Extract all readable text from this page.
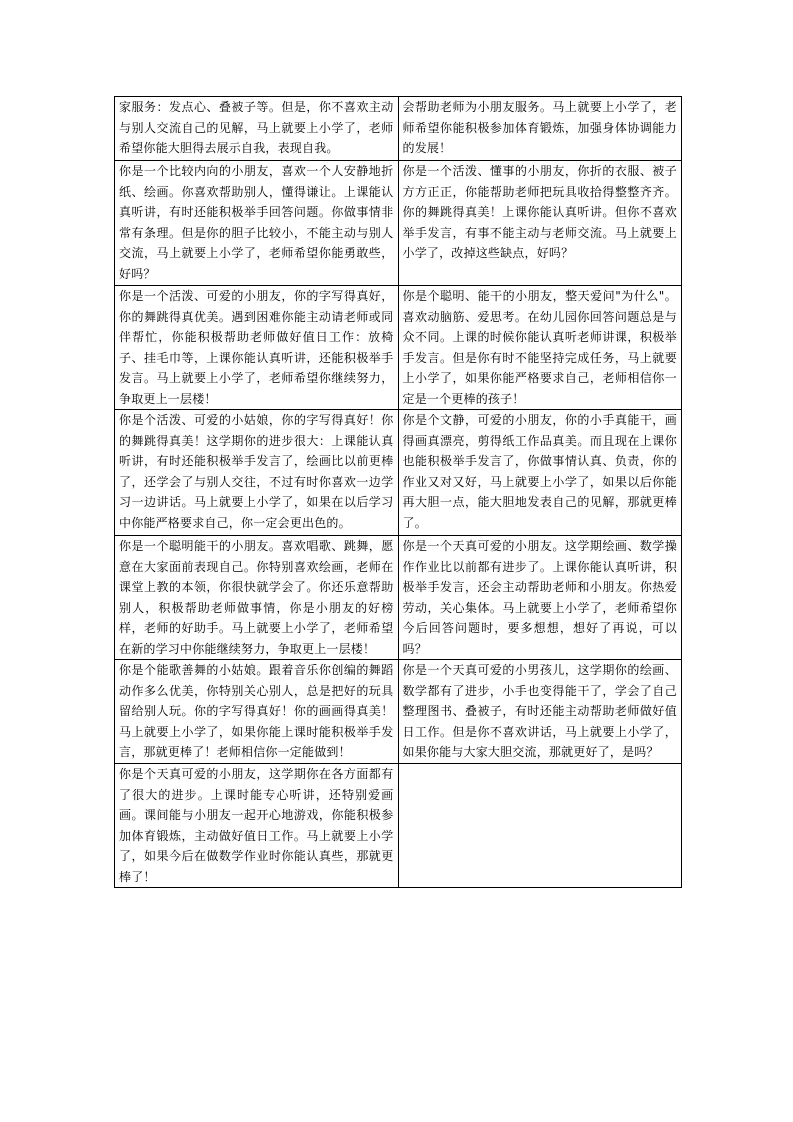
家服务：发点心、叠被子等。但是，你不喜欢主动与别人交流自己的见解，马上就要上小学了，老师希望你能大胆得去展示自我，表现自我。	会帮助老师为小朋友服务。马上就要上小学了，老师希望你能积极参加体育锻炼，加强身体协调能力的发展！
你是一个比较内向的小朋友，喜欢一个人安静地折纸、绘画。你喜欢帮助别人，懂得谦让。上课能认真听讲，有时还能积极举手回答问题。你做事情非常有条理。但是你的胆子比较小，不能主动与别人交流，马上就要上小学了，老师希望你能勇敢些，好吗？	你是一个活泼、懂事的小朋友，你折的衣服、被子方方正正，你能帮助老师把玩具收拾得整整齐齐。你的舞跳得真美！上课你能认真听讲。但你不喜欢举手发言，有事不能主动与老师交流。马上就要上小学了，改掉这些缺点，好吗？
你是一个活泼、可爱的小朋友，你的字写得真好，你的舞跳得真优美。遇到困难你能主动请老师或同伴帮忙，你能积极帮助老师做好值日工作：放椅子、挂毛巾等，上课你能认真听讲，还能积极举手发言。马上就要上小学了，老师希望你继续努力，争取更上一层楼！	你是个聪明、能干的小朋友，整天爱问"为什么"。喜欢动脑筋、爱思考。在幼儿园你回答问题总是与众不同。上课的时候你能认真听老师讲课，积极举手发言。但是你有时不能坚持完成任务，马上就要上小学了，如果你能严格要求自己，老师相信你一定是一个更棒的孩子！
你是个活泼、可爱的小姑娘，你的字写得真好！你的舞跳得真美！这学期你的进步很大：上课能认真听讲，有时还能积极举手发言了，绘画比以前更棒了，还学会了与别人交往，不过有时你喜欢一边学习一边讲话。马上就要上小学了，如果在以后学习中你能严格要求自己，你一定会更出色的。	你是个文静，可爱的小朋友，你的小手真能干，画得画真漂亮，剪得纸工作品真美。而且现在上课你也能积极举手发言了，你做事情认真、负责，你的作业又对又好，马上就要上小学了，如果以后你能再大胆一点，能大胆地发表自己的见解，那就更棒了。
你是一个聪明能干的小朋友。喜欢唱歌、跳舞，愿意在大家面前表现自己。你特别喜欢绘画，老师在课堂上教的本领，你很快就学会了。你还乐意帮助别人，积极帮助老师做事情，你是小朋友的好榜样，老师的好助手。马上就要上小学了，老师希望在新的学习中你能继续努力，争取更上一层楼！	你是一个天真可爱的小朋友。这学期绘画、数学操作作业比以前都有进步了。上课你能认真听讲，积极举手发言，还会主动帮助老师和小朋友。你热爱劳动，关心集体。马上就要上小学了，老师希望你今后回答问题时，要多想想，想好了再说，可以吗？
你是个能歌善舞的小姑娘。跟着音乐你创编的舞蹈动作多么优美，你特别关心别人，总是把好的玩具留给别人玩。你的字写得真好！你的画画得真美！马上就要上小学了，如果你能上课时能积极举手发言，那就更棒了！老师相信你一定能做到！	你是一个天真可爱的小男孩儿，这学期你的绘画、数学都有了进步，小手也变得能干了，学会了自己整理图书、叠被子，有时还能主动帮助老师做好值日工作。但是你不喜欢讲话，马上就要上小学了，如果你能与大家大胆交流，那就更好了，是吗？
你是个天真可爱的小朋友，这学期你在各方面都有了很大的进步。上课时能专心听讲，还特别爱画画。课间能与小朋友一起开心地游戏，你能积极参加体育锻炼，主动做好值日工作。马上就要上小学了，如果今后在做数学作业时你能认真些，那就更棒了！	
